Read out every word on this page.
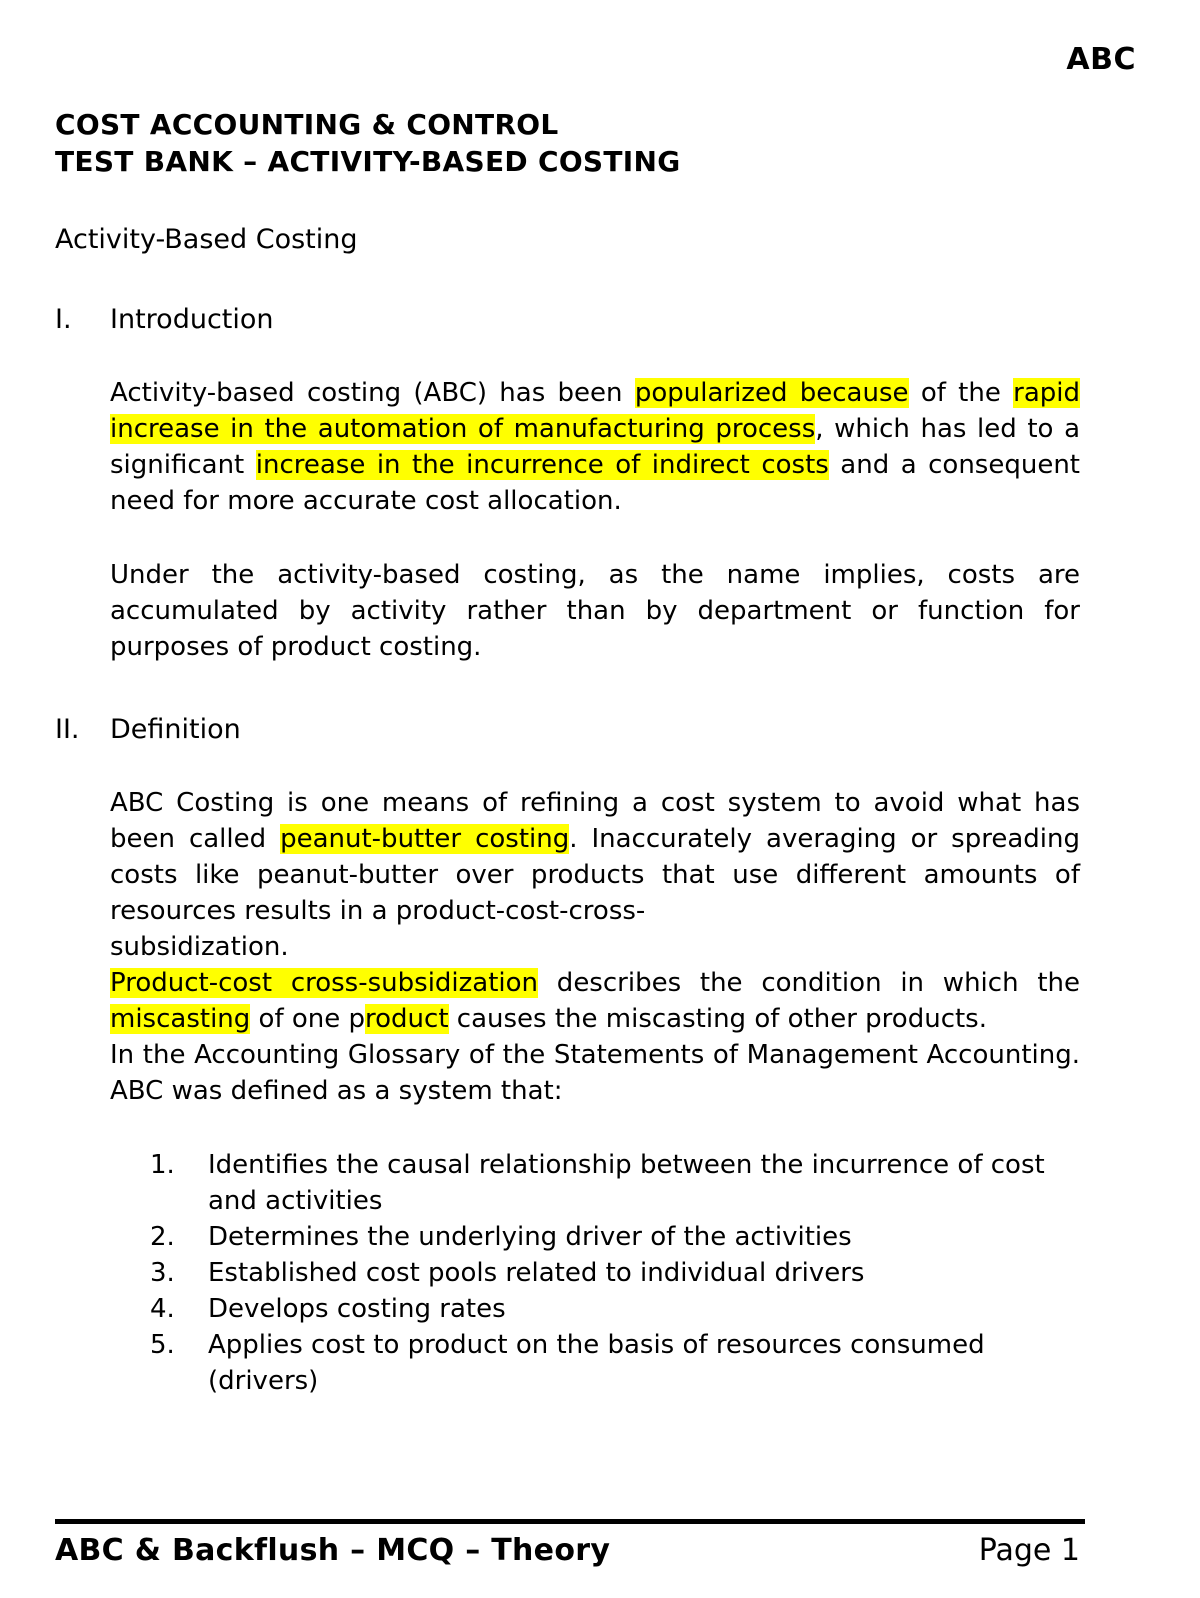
ABC
COST ACCOUNTING & CONTROL
TEST BANK – ACTIVITY-BASED COSTING
Activity-Based Costing
I.	Introduction
Activity-based costing (ABC) has been popularized because of the rapid increase in the automation of manufacturing process, which has led to a significant increase in the incurrence of indirect costs and a consequent need for more accurate cost allocation.
Under the activity-based costing, as the name implies, costs are accumulated by activity rather than by department or function for purposes of product costing.
II.	Definition
ABC Costing is one means of refining a cost system to avoid what has been called peanut-butter costing. Inaccurately averaging or spreading costs like peanut-butter over products that use different amounts of resources results in a product-cost-cross-
subsidization.
Product-cost cross-subsidization describes the condition in which the miscasting of one product causes the miscasting of other products.
In the Accounting Glossary of the Statements of Management Accounting. ABC was defined as a system that:
1.	Identifies the causal relationship between the incurrence of cost and activities
2.	Determines the underlying driver of the activities
3.	Established cost pools related to individual drivers
4.	Develops costing rates
5.	Applies cost to product on the basis of resources consumed (drivers)
ABC & Backflush – MCQ – Theory	Page 1
